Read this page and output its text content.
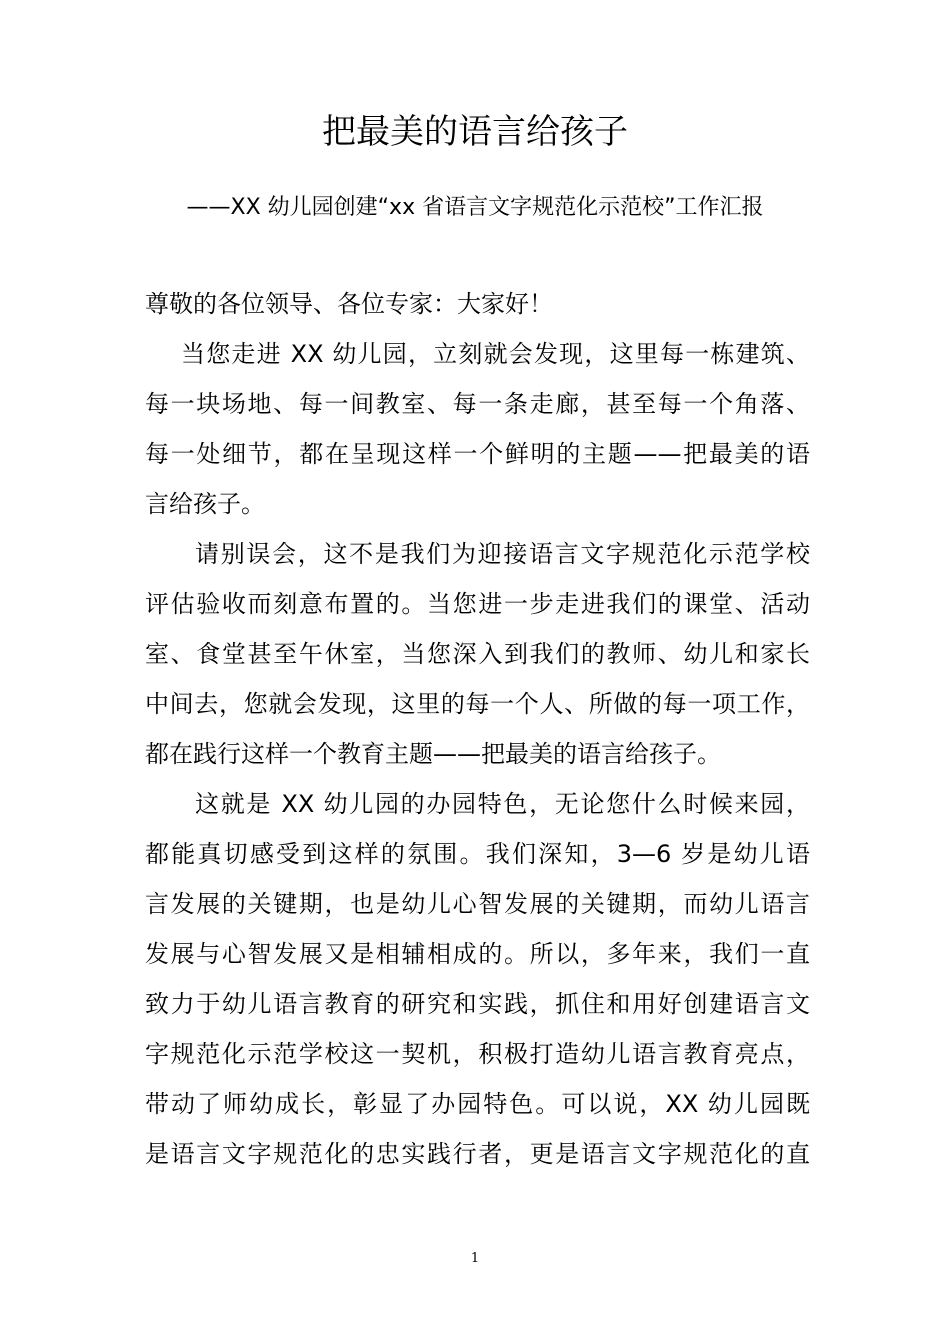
把最美的语言给孩子

——XX 幼儿园创建“xx 省语言文字规范化示范校”工作汇报

尊敬的各位领导、各位专家：大家好！
当您走进 XX 幼儿园，立刻就会发现，这里每一栋建筑、
每一块场地、每一间教室、每一条走廊，甚至每一个角落、
每一处细节，都在呈现这样一个鲜明的主题——把最美的语
言给孩子。
请别误会，这不是我们为迎接语言文字规范化示范学校
评估验收而刻意布置的。当您进一步走进我们的课堂、活动
室、食堂甚至午休室，当您深入到我们的教师、幼儿和家长
中间去，您就会发现，这里的每一个人、所做的每一项工作，
都在践行这样一个教育主题——把最美的语言给孩子。
这就是 XX 幼儿园的办园特色，无论您什么时候来园，
都能真切感受到这样的氛围。我们深知，3—6 岁是幼儿语
言发展的关键期，也是幼儿心智发展的关键期，而幼儿语言
发展与心智发展又是相辅相成的。所以，多年来，我们一直
致力于幼儿语言教育的研究和实践，抓住和用好创建语言文
字规范化示范学校这一契机，积极打造幼儿语言教育亮点，
带动了师幼成长，彰显了办园特色。可以说，XX 幼儿园既
是语言文字规范化的忠实践行者，更是语言文字规范化的直
1
